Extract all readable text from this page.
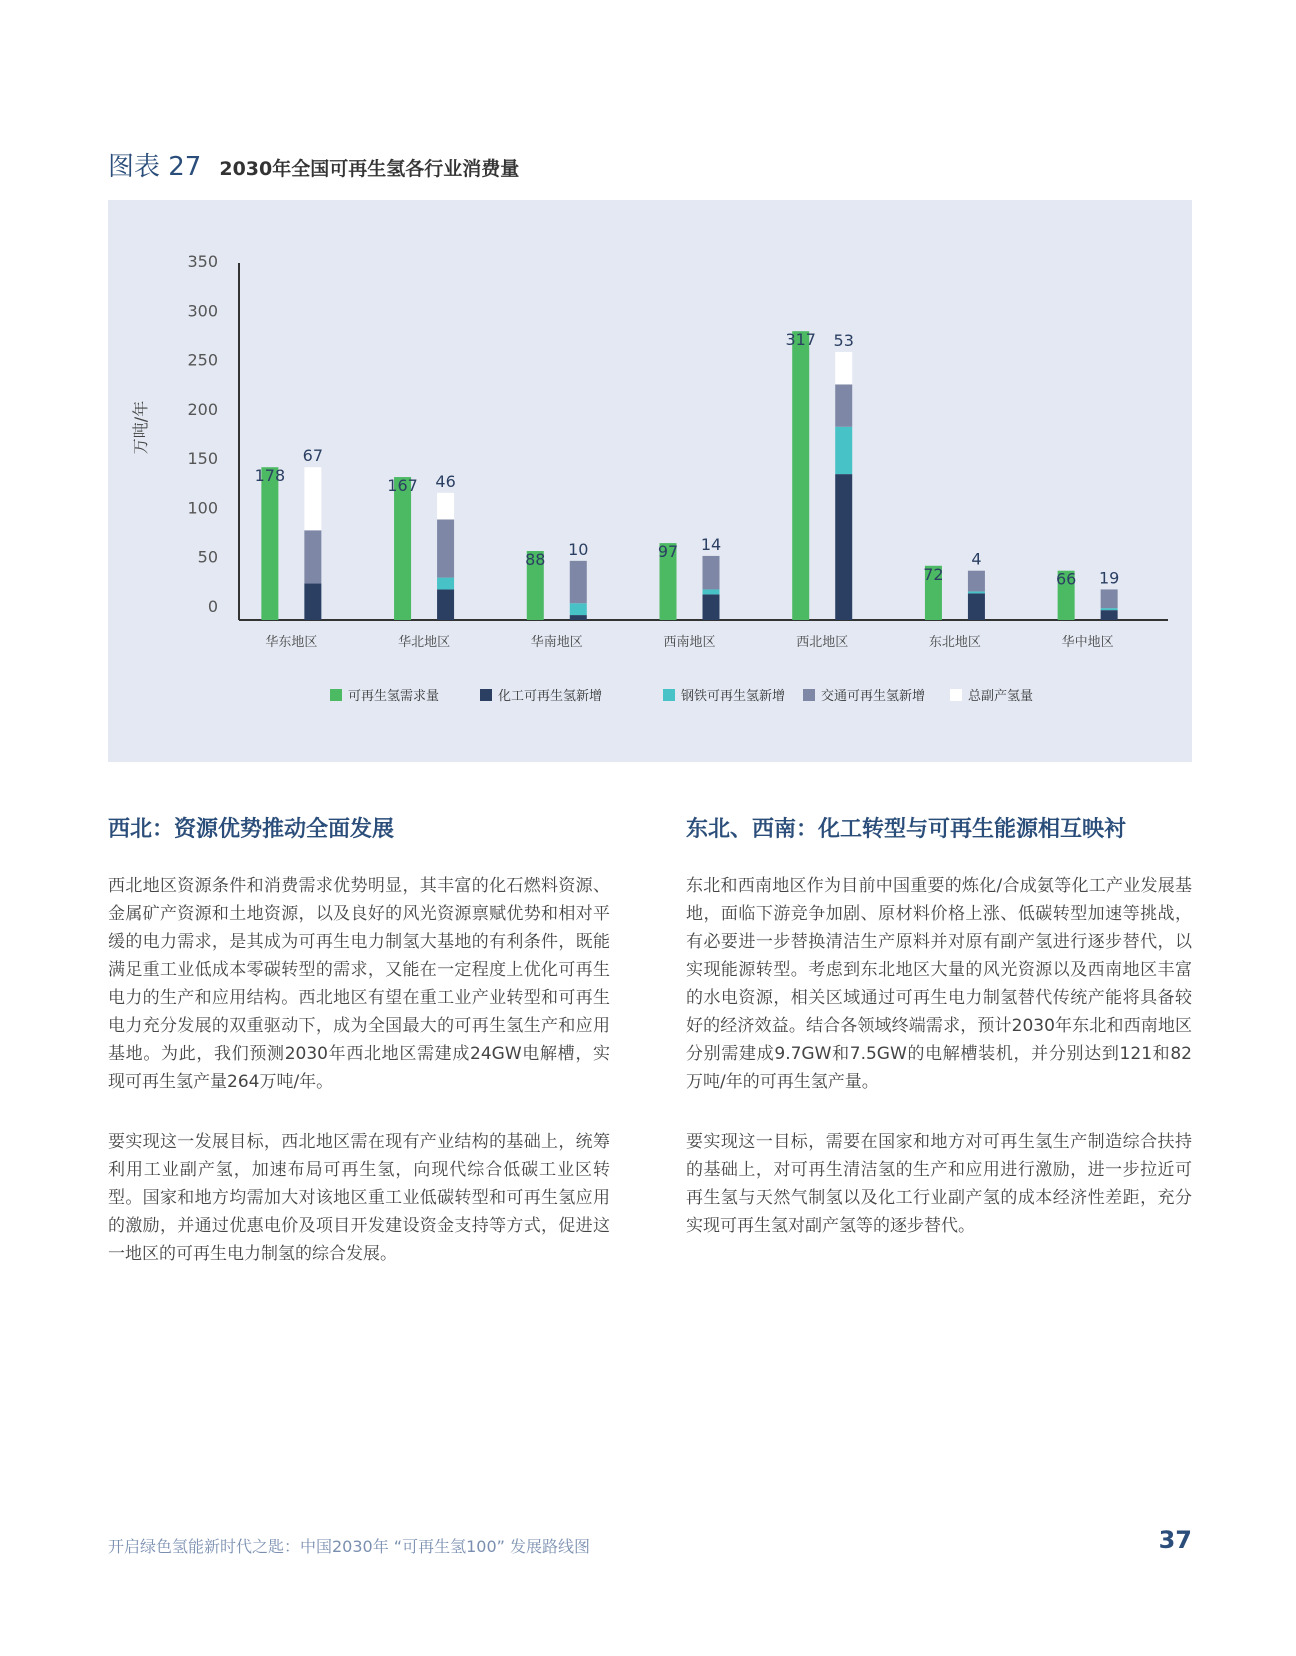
图表 27 2030年全国可再生氢各行业消费量
0
50
100
150
200
250
300
350
万吨/年
178
67
华东地区
167 46
华北地区
88
10
华南地区
97 14
西南地区
317 53
西北地区
72
4
东北地区
66 19
华中地区
可再生氢需求量	化工可再生氢新增	钢铁可再生氢新增	交通可再生氢新增	总副产氢量
西北：资源优势推动全面发展
西北地区资源条件和消费需求优势明显，其丰富的化石燃料资源、金属矿产资源和土地资源，以及良好的风光资源禀赋优势和相对平缓的电力需求，是其成为可再生电力制氢大基地的有利条件，既能满足重工业低成本零碳转型的需求，又能在一定程度上优化可再生电力的生产和应用结构。西北地区有望在重工业产业转型和可再生电力充分发展的双重驱动下，成为全国最大的可再生氢生产和应用基地。为此，我们预测2030年西北地区需建成24GW电解槽，实现可再生氢产量264万吨/年。
要实现这一发展目标，西北地区需在现有产业结构的基础上，统筹利用工业副产氢，加速布局可再生氢，向现代综合低碳工业区转型。国家和地方均需加大对该地区重工业低碳转型和可再生氢应用的激励，并通过优惠电价及项目开发建设资金支持等方式，促进这一地区的可再生电力制氢的综合发展。
东北、西南：化工转型与可再生能源相互映衬
东北和西南地区作为目前中国重要的炼化/合成氨等化工产业发展基地，面临下游竞争加剧、原材料价格上涨、低碳转型加速等挑战，有必要进一步替换清洁生产原料并对原有副产氢进行逐步替代，以实现能源转型。考虑到东北地区大量的风光资源以及西南地区丰富的水电资源，相关区域通过可再生电力制氢替代传统产能将具备较好的经济效益。结合各领域终端需求，预计2030年东北和西南地区分别需建成9.7GW和7.5GW的电解槽装机，并分别达到121和82万吨/年的可再生氢产量。
要实现这一目标，需要在国家和地方对可再生氢生产制造综合扶持的基础上，对可再生清洁氢的生产和应用进行激励，进一步拉近可再生氢与天然气制氢以及化工行业副产氢的成本经济性差距，充分实现可再生氢对副产氢等的逐步替代。
开启绿色氢能新时代之匙：中国2030年 “可再生氢100” 发展路线图	37
